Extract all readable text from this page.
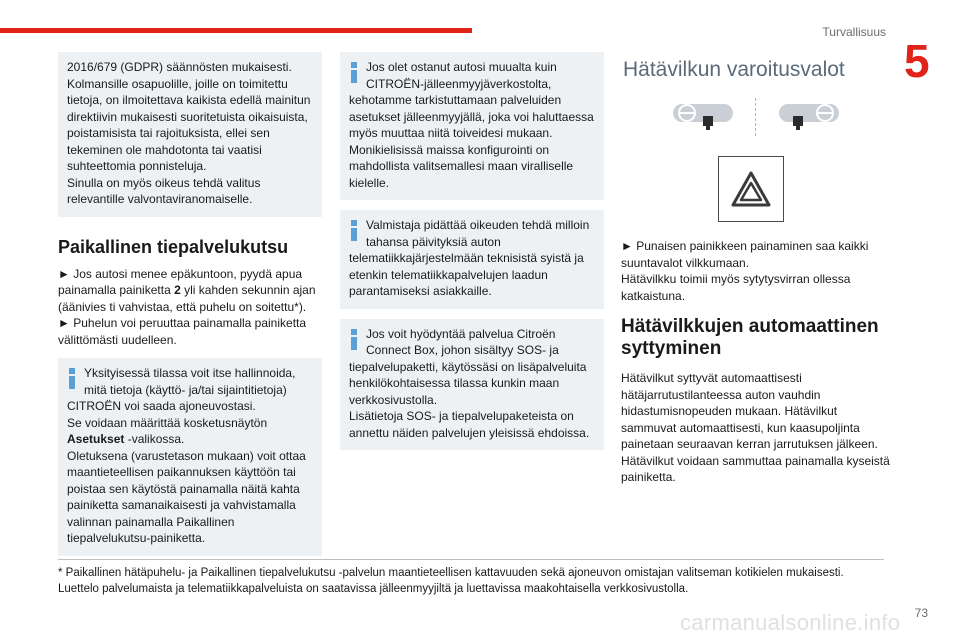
Turvallisuus
5
2016/679 (GDPR) säännösten mukaisesti.
Kolmansille osapuolille, joille on toimitettu tietoja, on ilmoitettava kaikista edellä mainitun direktiivin mukaisesti suoritetuista oikaisuista, poistamisista tai rajoituksista, ellei sen tekeminen ole mahdotonta tai vaatisi suhteettomia ponnisteluja.
Sinulla on myös oikeus tehdä valitus relevantille valvontaviranomaiselle.
Paikallinen tiepalvelukutsu

► Jos autosi menee epäkuntoon, pyydä apua painamalla painiketta 2 yli kahden sekunnin ajan (äänivies ti vahvistaa, että puhelu on soitettu*).
► Puhelun voi peruuttaa painamalla painiketta välittömästi uudelleen.

Yksityisessä tilassa voit itse hallinnoida, mitä tietoja (käyttö- ja/tai sijaintitietoja)
CITROËN voi saada ajoneuvostasi.
Se voidaan määrittää kosketusnäytön
Asetukset -valikossa.
Oletuksena (varustetason mukaan) voit ottaa maantieteellisen paikannuksen käyttöön tai poistaa sen käytöstä painamalla näitä kahta painiketta samanaikaisesti ja vahvistamalla valinnan painamalla Paikallinen tiepalvelukutsu-painiketta.
Jos olet ostanut autosi muualta kuin CITROËN-jälleenmyyjäverkostolta,
kehotamme tarkistuttamaan palveluiden asetukset jälleenmyyjällä, joka voi haluttaessa myös muuttaa niitä toiveidesi mukaan.
Monikielisissä maissa konfigurointi on mahdollista valitsemallesi maan viralliselle kielelle.
Valmistaja pidättää oikeuden tehdä milloin tahansa päivityksiä auton
telematiikkajärjestelmään teknisistä syistä ja etenkin telematiikkapalvelujen laadun parantamiseksi asiakkaille.
Jos voit hyödyntää palvelua Citroën Connect Box, johon sisältyy SOS- ja
tiepalvelupaketti, käytössäsi on lisäpalveluita henkilökohtaisessa tilassa kunkin maan verkkosivustolla.
Lisätietoja SOS- ja tiepalvelupaketeista on annettu näiden palvelujen yleisissä ehdoissa.
Hätävilkun varoitusvalot

► Punaisen painikkeen painaminen saa kaikki suuntavalot vilkkumaan.
Hätävilkku toimii myös sytytysvirran ollessa katkaistuna.

Hätävilkkujen automaattinen syttyminen

Hätävilkut syttyvät automaattisesti hätäjarrutustilanteessa auton vauhdin hidastumisnopeuden mukaan. Hätävilkut sammuvat automaattisesti, kun kaasupoljinta painetaan seuraavan kerran jarrutuksen jälkeen.
Hätävilkut voidaan sammuttaa painamalla kyseistä painiketta.

* Paikallinen hätäpuhelu- ja Paikallinen tiepalvelukutsu -palvelun maantieteellisen kattavuuden sekä ajoneuvon omistajan valitseman kotikielen mukaisesti.
Luettelo palvelumaista ja telematiikkapalveluista on saatavissa jälleenmyyjiltä ja luettavissa maakohtaisella verkkosivustolla.
carmanualsonline.info 73
